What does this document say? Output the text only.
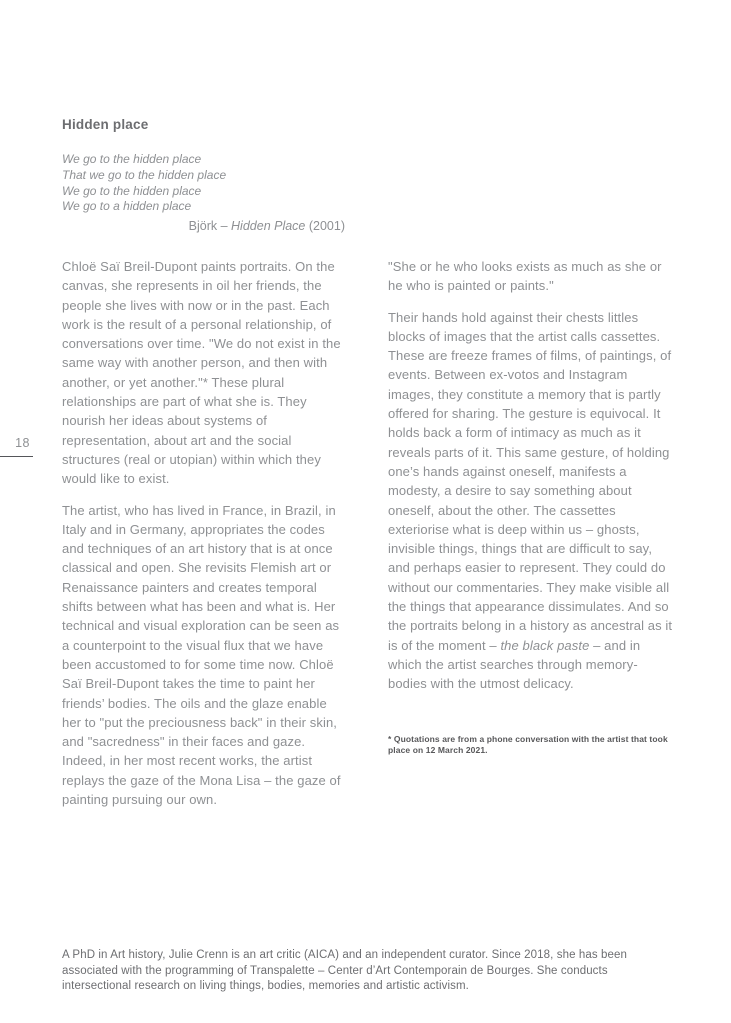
18
Hidden place
We go to the hidden place
That we go to the hidden place
We go to the hidden place
We go to a hidden place
Björk – Hidden Place (2001)

Chloë Saï Breil-Dupont paints portraits. On the canvas, she represents in oil her friends, the people she lives with now or in the past. Each work is the result of a personal relationship, of conversations over time. "We do not exist in the same way with another person, and then with another, or yet another."* These plural relationships are part of what she is. They nourish her ideas about systems of representation, about art and the social structures (real or utopian) within which they would like to exist.

The artist, who has lived in France, in Brazil, in Italy and in Germany, appropriates the codes and techniques of an art history that is at once classical and open. She revisits Flemish art or Renaissance painters and creates temporal shifts between what has been and what is. Her technical and visual exploration can be seen as a counterpoint to the visual flux that we have been accustomed to for some time now. Chloë Saï Breil-Dupont takes the time to paint her friends’ bodies. The oils and the glaze enable her to "put the preciousness back" in their skin, and "sacredness" in their faces and gaze. Indeed, in her most recent works, the artist replays the gaze of the Mona Lisa – the gaze of painting pursuing our own.

"She or he who looks exists as much as she or he who is painted or paints."

Their hands hold against their chests littles blocks of images that the artist calls cassettes. These are freeze frames of films, of paintings, of events. Between ex-votos and Instagram images, they constitute a memory that is partly offered for sharing. The gesture is equivocal. It holds back a form of intimacy as much as it reveals parts of it. This same gesture, of holding one’s hands against oneself, manifests a modesty, a desire to say something about oneself, about the other. The cassettes exteriorise what is deep within us – ghosts, invisible things, things that are difficult to say, and perhaps easier to represent. They could do without our commentaries. They make visible all the things that appearance dissimulates. And so the portraits belong in a history as ancestral as it is of the moment – the black paste – and in which the artist searches through memory-bodies with the utmost delicacy.

* Quotations are from a phone conversation with the artist that took place on 12 March 2021.
A PhD in Art history, Julie Crenn is an art critic (AICA) and an independent curator. Since 2018, she has been associated with the programming of Transpalette – Center d’Art Contemporain de Bourges. She conducts intersectional research on living things, bodies, memories and artistic activism.
